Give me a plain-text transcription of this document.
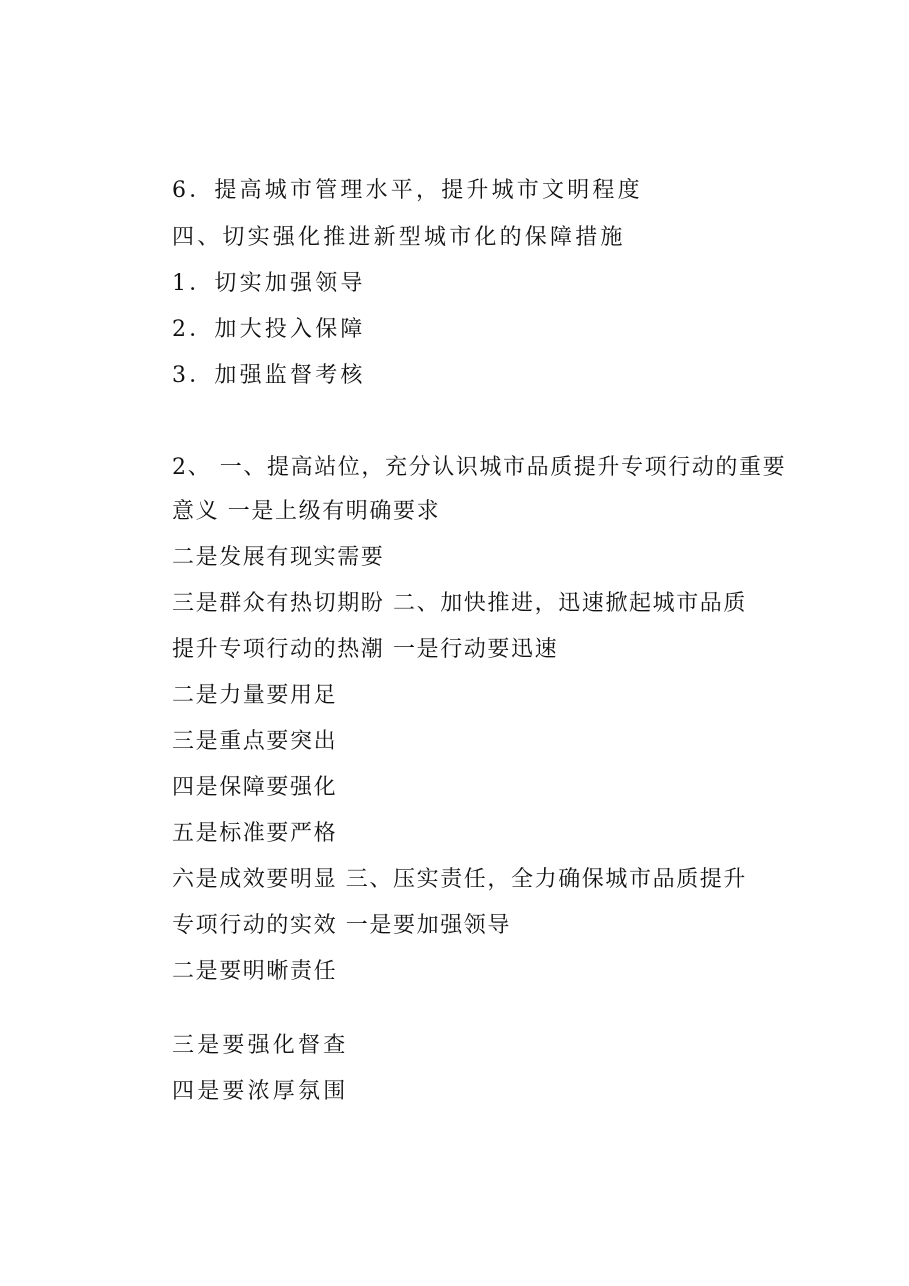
6．提高城市管理水平，提升城市文明程度
四、切实强化推进新型城市化的保障措施
1．切实加强领导
2．加大投入保障
3．加强监督考核
2、 一、提高站位，充分认识城市品质提升专项行动的重要
意义 一是上级有明确要求
二是发展有现实需要
三是群众有热切期盼 二、加快推进，迅速掀起城市品质
提升专项行动的热潮 一是行动要迅速
二是力量要用足
三是重点要突出
四是保障要强化
五是标准要严格
六是成效要明显 三、压实责任，全力确保城市品质提升
专项行动的实效 一是要加强领导
二是要明晰责任
三是要强化督查
四是要浓厚氛围
